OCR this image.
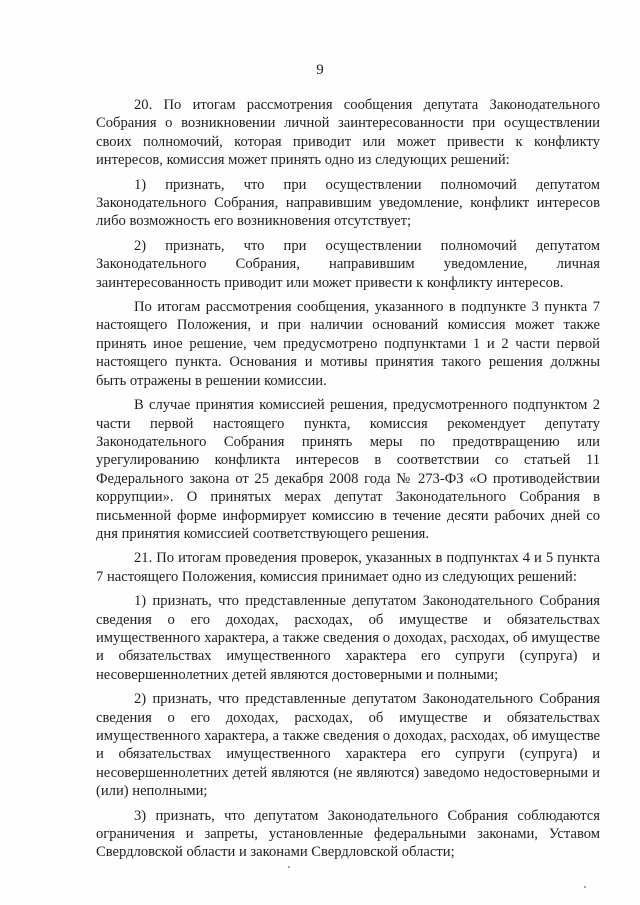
9

20. По итогам рассмотрения сообщения депутата Законодательного Собрания о возникновении личной заинтересованности при осуществлении своих полномочий, которая приводит или может привести к конфликту интересов, комиссия может принять одно из следующих решений:

1) признать, что при осуществлении полномочий депутатом Законодательного Собрания, направившим уведомление, конфликт интересов либо возможность его возникновения отсутствует;

2) признать, что при осуществлении полномочий депутатом Законодательного Собрания, направившим уведомление, личная заинтересованность приводит или может привести к конфликту интересов.

По итогам рассмотрения сообщения, указанного в подпункте 3 пункта 7 настоящего Положения, и при наличии оснований комиссия может также принять иное решение, чем предусмотрено подпунктами 1 и 2 части первой настоящего пункта. Основания и мотивы принятия такого решения должны быть отражены в решении комиссии.

В случае принятия комиссией решения, предусмотренного подпунктом 2 части первой настоящего пункта, комиссия рекомендует депутату Законодательного Собрания принять меры по предотвращению или урегулированию конфликта интересов в соответствии со статьей 11 Федерального закона от 25 декабря 2008 года № 273-ФЗ «О противодействии коррупции». О принятых мерах депутат Законодательного Собрания в письменной форме информирует комиссию в течение десяти рабочих дней со дня принятия комиссией соответствующего решения.

21. По итогам проведения проверок, указанных в подпунктах 4 и 5 пункта 7 настоящего Положения, комиссия принимает одно из следующих решений:

1) признать, что представленные депутатом Законодательного Собрания сведения о его доходах, расходах, об имуществе и обязательствах имущественного характера, а также сведения о доходах, расходах, об имуществе и обязательствах имущественного характера его супруги (супруга) и несовершеннолетних детей являются достоверными и полными;

2) признать, что представленные депутатом Законодательного Собрания сведения о его доходах, расходах, об имуществе и обязательствах имущественного характера, а также сведения о доходах, расходах, об имуществе и обязательствах имущественного характера его супруги (супруга) и несовершеннолетних детей являются (не являются) заведомо недостоверными и (или) неполными;

3) признать, что депутатом Законодательного Собрания соблюдаются ограничения и запреты, установленные федеральными законами, Уставом Свердловской области и законами Свердловской области;
